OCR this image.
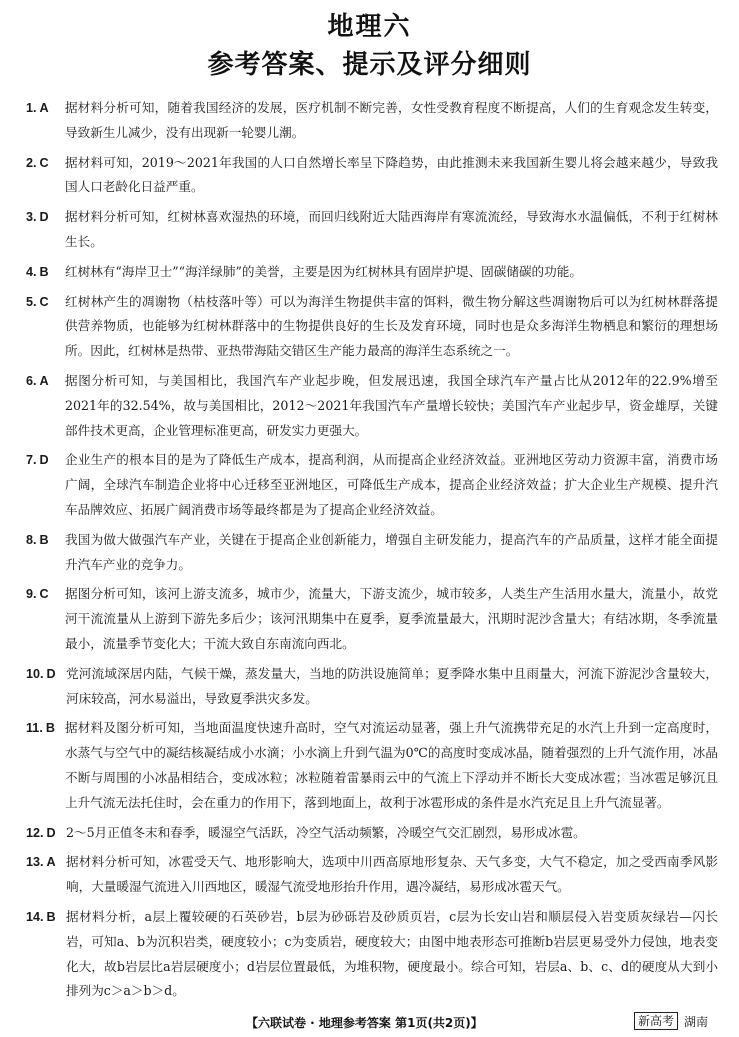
地理六
参考答案、提示及评分细则
1. A 据材料分析可知，随着我国经济的发展，医疗机制不断完善，女性受教育程度不断提高，人们的生育观念发生转变，导致新生儿减少，没有出现新一轮婴儿潮。
2. C 据材料可知，2019～2021年我国的人口自然增长率呈下降趋势，由此推测未来我国新生婴儿将会越来越少，导致我国人口老龄化日益严重。
3. D 据材料分析可知，红树林喜欢湿热的环境，而回归线附近大陆西海岸有寒流流经，导致海水水温偏低，不利于红树林生长。
4. B 红树林有“海岸卫士”“海洋绿肺”的美誉，主要是因为红树林具有固岸护堤、固碳储碳的功能。
5. C 红树林产生的凋谢物（枯枝落叶等）可以为海洋生物提供丰富的饵料，微生物分解这些凋谢物后可以为红树林群落提供营养物质，也能够为红树林群落中的生物提供良好的生长及发育环境，同时也是众多海洋生物栖息和繁衍的理想场所。因此，红树林是热带、亚热带海陆交错区生产能力最高的海洋生态系统之一。
6. A 据图分析可知，与美国相比，我国汽车产业起步晚，但发展迅速，我国全球汽车产量占比从2012年的22.9%增至2021年的32.54%，故与美国相比，2012～2021年我国汽车产量增长较快；美国汽车产业起步早，资金雄厚，关键部件技术更高，企业管理标准更高，研发实力更强大。
7. D 企业生产的根本目的是为了降低生产成本，提高利润，从而提高企业经济效益。亚洲地区劳动力资源丰富，消费市场广阔，全球汽车制造企业将中心迁移至亚洲地区，可降低生产成本，提高企业经济效益；扩大企业生产规模、提升汽车品牌效应、拓展广阔消费市场等最终都是为了提高企业经济效益。
8. B 我国为做大做强汽车产业，关键在于提高企业创新能力，增强自主研发能力，提高汽车的产品质量，这样才能全面提升汽车产业的竞争力。
9. C 据图分析可知，该河上游支流多，城市少，流量大，下游支流少，城市较多，人类生产生活用水量大，流量小，故党河干流流量从上游到下游先多后少；该河汛期集中在夏季，夏季流量最大，汛期时泥沙含量大；有结冰期，冬季流量最小，流量季节变化大；干流大致自东南流向西北。
10. D 党河流域深居内陆，气候干燥，蒸发量大，当地的防洪设施简单；夏季降水集中且雨量大，河流下游泥沙含量较大，河床较高，河水易溢出，导致夏季洪灾多发。
11. B 据材料及图分析可知，当地面温度快速升高时，空气对流运动显著，强上升气流携带充足的水汽上升到一定高度时，水蒸气与空气中的凝结核凝结成小水滴；小水滴上升到气温为0℃的高度时变成冰晶，随着强烈的上升气流作用，冰晶不断与周围的小冰晶相结合，变成冰粒；冰粒随着雷暴雨云中的气流上下浮动并不断长大变成冰雹；当冰雹足够沉且上升气流无法托住时，会在重力的作用下，落到地面上，故利于冰雹形成的条件是水汽充足且上升气流显著。
12. D 2～5月正值冬末和春季，暖湿空气活跃，冷空气活动频繁，冷暖空气交汇剧烈，易形成冰雹。
13. A 据材料分析可知，冰雹受天气、地形影响大，选项中川西高原地形复杂、天气多变，大气不稳定，加之受西南季风影响，大量暖湿气流进入川西地区，暖湿气流受地形抬升作用，遇冷凝结，易形成冰雹天气。
14. B 据材料分析，a层上覆较硬的石英砂岩，b层为砂砾岩及砂质页岩，c层为长安山岩和顺层侵入岩变质灰绿岩—闪长岩，可知a、b为沉积岩类，硬度较小；c为变质岩，硬度较大；由图中地表形态可推断b岩层更易受外力侵蚀，地表变化大，故b岩层比a岩层硬度小；d岩层位置最低，为堆积物，硬度最小。综合可知，岩层a、b、c、d的硬度从大到小排列为c＞a＞b＞d。
【六联试卷 · 地理参考答案 第1页(共2页)】	新高考 湖南
